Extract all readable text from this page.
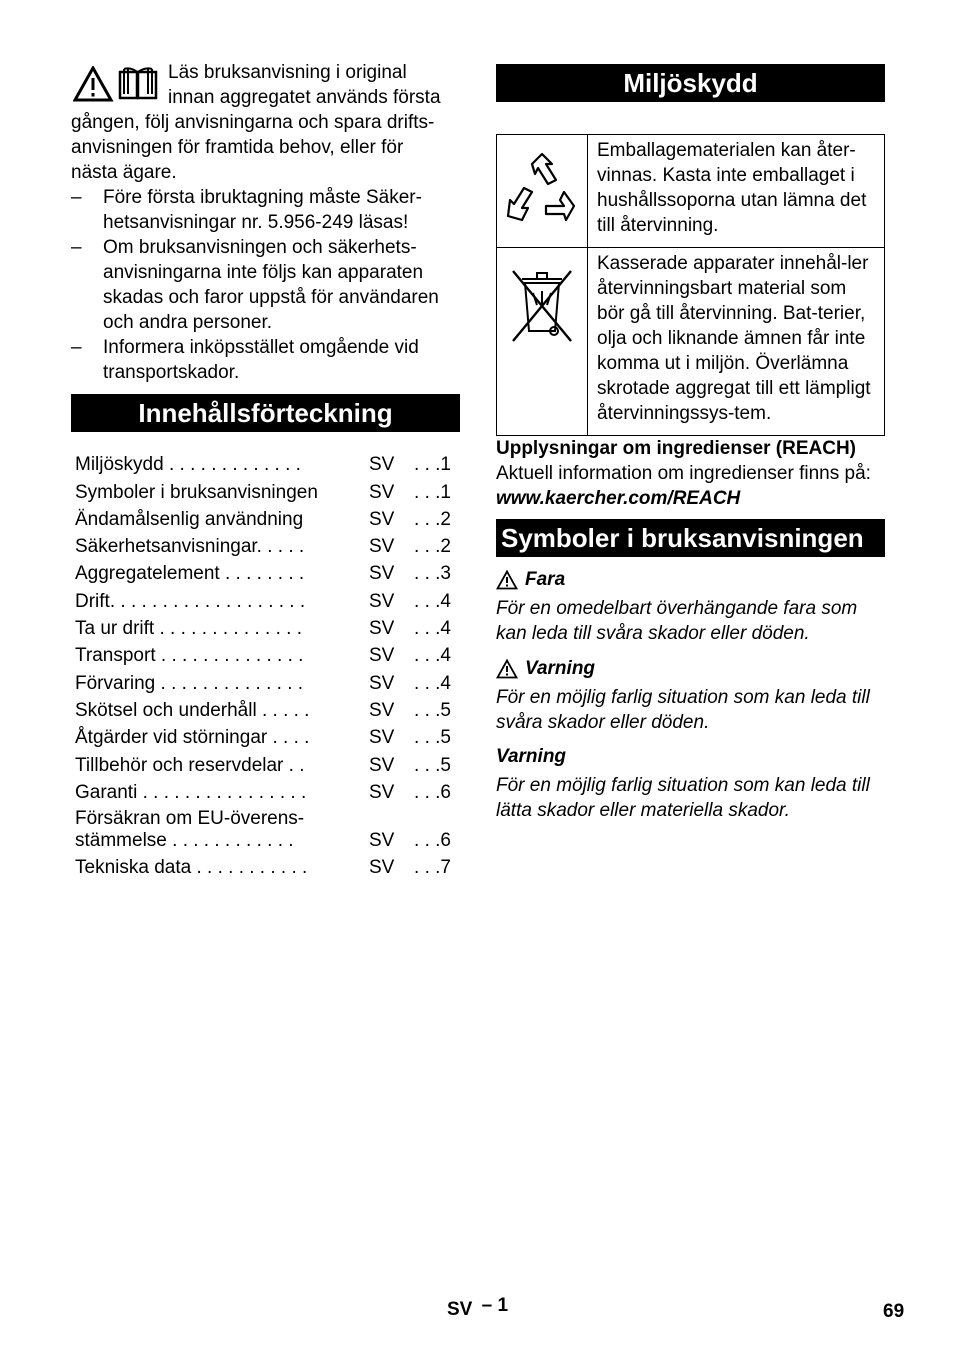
Läs bruksanvisning i original

innan aggregatet används första

gången, följ anvisningarna och spara drifts-

anvisningen för framtida behov, eller för

nästa ägare.

– Före första ibruktagning måste Säker-hetsanvisningar nr. 5.956-249 läsas!
– Om bruksanvisningen och säkerhets-anvisningarna inte följs kan apparaten skadas och faror uppstå för användaren och andra personer.
– Informera inköpsstället omgående vid transportskador.
Innehållsförteckning
Miljöskydd . . . . . . . . . . . . .	SV	. . .1
Symboler i bruksanvisningen	SV	. . .1
Ändamålsenlig användning	SV	. . .2
Säkerhetsanvisningar. . . . .	SV	. . .2
Aggregatelement . . . . . . . .	SV	. . .3
Drift. . . . . . . . . . . . . . . . . . .	SV	. . .4
Ta ur drift . . . . . . . . . . . . . .	SV	. . .4
Transport . . . . . . . . . . . . . .	SV	. . .4
Förvaring . . . . . . . . . . . . . .	SV	. . .4
Skötsel och underhåll . . . . .	SV	. . .5
Åtgärder vid störningar . . . .	SV	. . .5
Tillbehör och reservdelar . .	SV	. . .5
Garanti . . . . . . . . . . . . . . . .	SV	. . .6
Försäkran om EU-överens-stämmelse . . . . . . . . . . . .	SV	. . .6
Tekniska data . . . . . . . . . . .	SV	. . .7
Miljöskydd
	Emballagematerialen kan åter-vinnas. Kasta inte emballaget i hushållssoporna utan lämna det till återvinning.
	Kasserade apparater innehål-ler återvinningsbart material som bör gå till återvinning. Bat-terier, olja och liknande ämnen får inte komma ut i miljön. Överlämna skrotade aggregat till ett lämpligt återvinningssys-tem.
Upplysningar om ingredienser (REACH)
Aktuell information om ingredienser finns på:
www.kaercher.com/REACH
Symboler i bruksanvisningen
Fara
För en omedelbart överhängande fara som kan leda till svåra skador eller döden.
Varning
För en möjlig farlig situation som kan leda till svåra skador eller döden.
Varning
För en möjlig farlig situation som kan leda till lätta skador eller materiella skador.
SV – 1	69
